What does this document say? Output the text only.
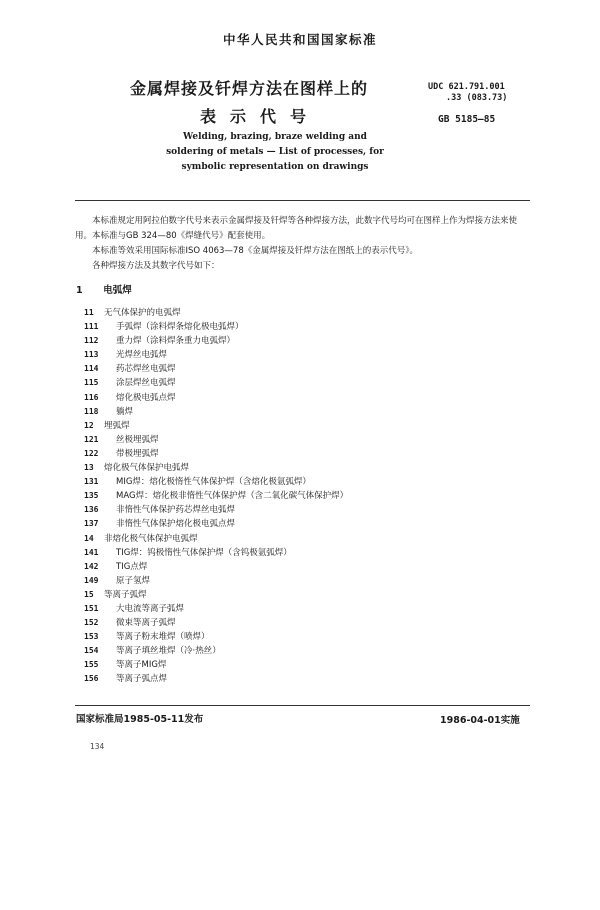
中华人民共和国国家标准
金属焊接及钎焊方法在图样上的
表示代号
UDC 621.791.001
.33 (083.73)
GB 5185—85
Welding, brazing, braze welding and soldering of metals — List of processes, for symbolic representation on drawings

本标准规定用阿拉伯数字代号来表示金属焊接及钎焊等各种焊接方法，此数字代号均可在图样上作为焊接方法来使用。本标准与GB 324—80《焊缝代号》配套使用。

本标准等效采用国际标准ISO 4063—78《金属焊接及钎焊方法在图纸上的表示代号》。

各种焊接方法及其数字代号如下：

1 电弧焊
11	无气体保护的电弧焊
111	手弧焊（涂料焊条熔化极电弧焊）
112	重力焊（涂料焊条重力电弧焊）
113	光焊丝电弧焊
114	药芯焊丝电弧焊
115	涂层焊丝电弧焊
116	熔化极电弧点焊
118	躺焊
12	埋弧焊
121	丝极埋弧焊
122	带极埋弧焊
13	熔化极气体保护电弧焊
131	MIG焊：熔化极惰性气体保护焊（含熔化极氩弧焊）
135	MAG焊：熔化极非惰性气体保护焊（含二氧化碳气体保护焊）
136	非惰性气体保护药芯焊丝电弧焊
137	非惰性气体保护熔化极电弧点焊
14	非熔化极气体保护电弧焊
141	TIG焊：钨极惰性气体保护焊（含钨极氩弧焊）
142	TIG点焊
149	原子氢焊
15	等离子弧焊
151	大电流等离子弧焊
152	微束等离子弧焊
153	等离子粉末堆焊（喷焊）
154	等离子填丝堆焊（冷·热丝）
155	等离子MIG焊
156	等离子弧点焊
国家标准局1985-05-11发布	1986-04-01实施
134
